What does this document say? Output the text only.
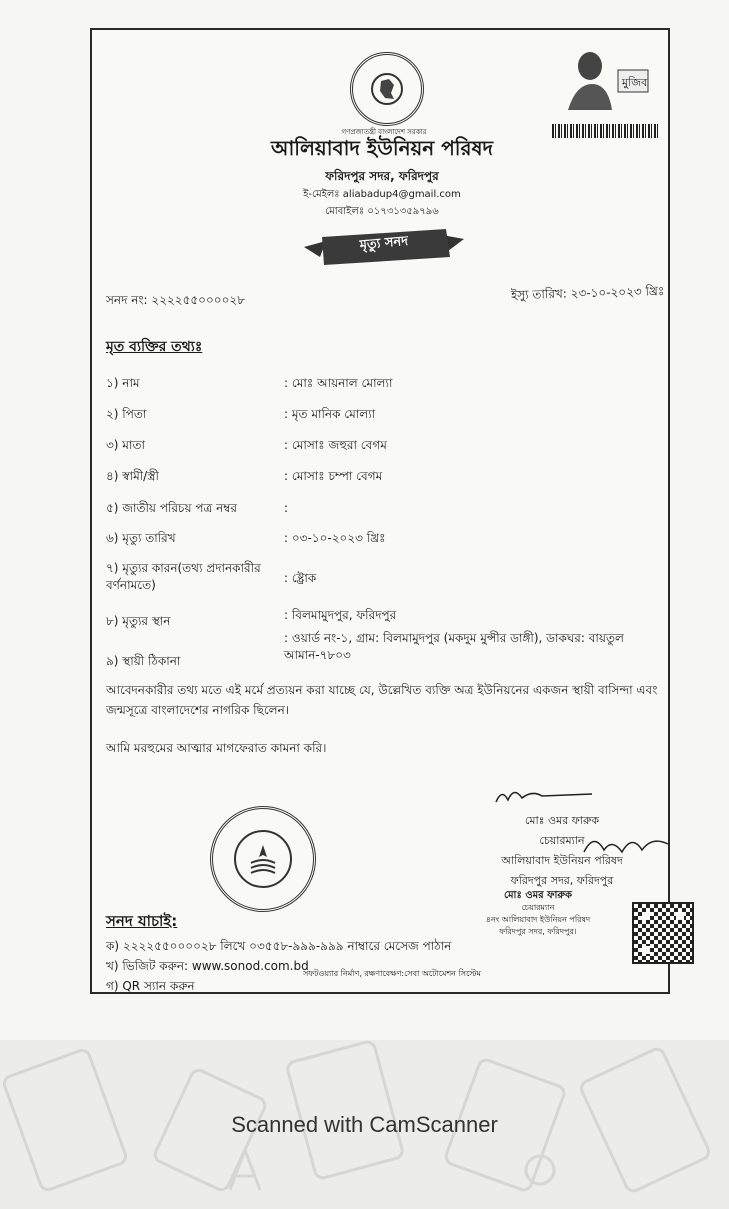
গণপ্রজাতন্ত্রী বাংলাদেশ সরকার
মুজিব
আলিয়াবাদ ইউনিয়ন পরিষদ
ফরিদপুর সদর, ফরিদপুর
ই-মেইলঃ aliabadup4@gmail.com
মোবাইলঃ ০১৭৩১৩৫৯৭৯৬
মৃত্যু সনদ
সনদ নং: ২২২২৫৫০০০০২৮	ইস্যু তারিখ: ২৩-১০-২০২৩ খ্রিঃ
মৃত ব্যক্তির তথ্যঃ
১) নাম	: মোঃ আয়নাল মোল্যা
২) পিতা	: মৃত মানিক মোল্যা
৩) মাতা	: মোসাঃ জহুরা বেগম
৪) স্বামী/স্ত্রী	: মোসাঃ চম্পা বেগম
৫) জাতীয় পরিচয় পত্র নম্বর	:
৬) মৃত্যু তারিখ	: ০৩-১০-২০২৩ খ্রিঃ
৭) মৃত্যুর কারন(তথ্য প্রদানকারীর বর্ণনামতে)	: ষ্ট্রোক
৮) মৃত্যুর স্থান	: বিলমামুদপুর, ফরিদপুর
৯) স্থায়ী ঠিকানা
: ওয়ার্ড নং-১, গ্রাম: বিলমামুদপুর (মকদুম মুন্সীর ডাঙ্গী), ডাকঘর: বায়তুল আমান-৭৮০৩
আবেদনকারীর তথ্য মতে এই মর্মে প্রত্যয়ন করা যাচ্ছে যে, উল্লেখিত ব্যক্তি অত্র ইউনিয়নের একজন স্থায়ী বাসিন্দা এবং জন্মসূত্রে বাংলাদেশের নাগরিক ছিলেন।
আমি মরহুমের আত্মার মাগফেরাত কামনা করি।
মোঃ ওমর ফারুক
চেয়ারম্যান
আলিয়াবাদ ইউনিয়ন পরিষদ
ফরিদপুর সদর, ফরিদপুর
মোঃ ওমর ফারুক
চেয়ারম্যান
৪নং আলিয়াবাদ ইউনিয়ন পরিষদ
ফরিদপুর সদর, ফরিদপুর।
সনদ যাচাই:
ক) ২২২২৫৫০০০০২৮ লিখে ০৩৫৫৮-৯৯৯-৯৯৯ নাম্বারে মেসেজ পাঠান
খ) ভিজিট করুন: www.sonod.com.bd
গ) QR স্যান করুন
সফটওয়্যার নির্মাণ, রক্ষণাবেক্ষণ:সেবা অটোমেশন সিস্টেম
Scanned with CamScanner
